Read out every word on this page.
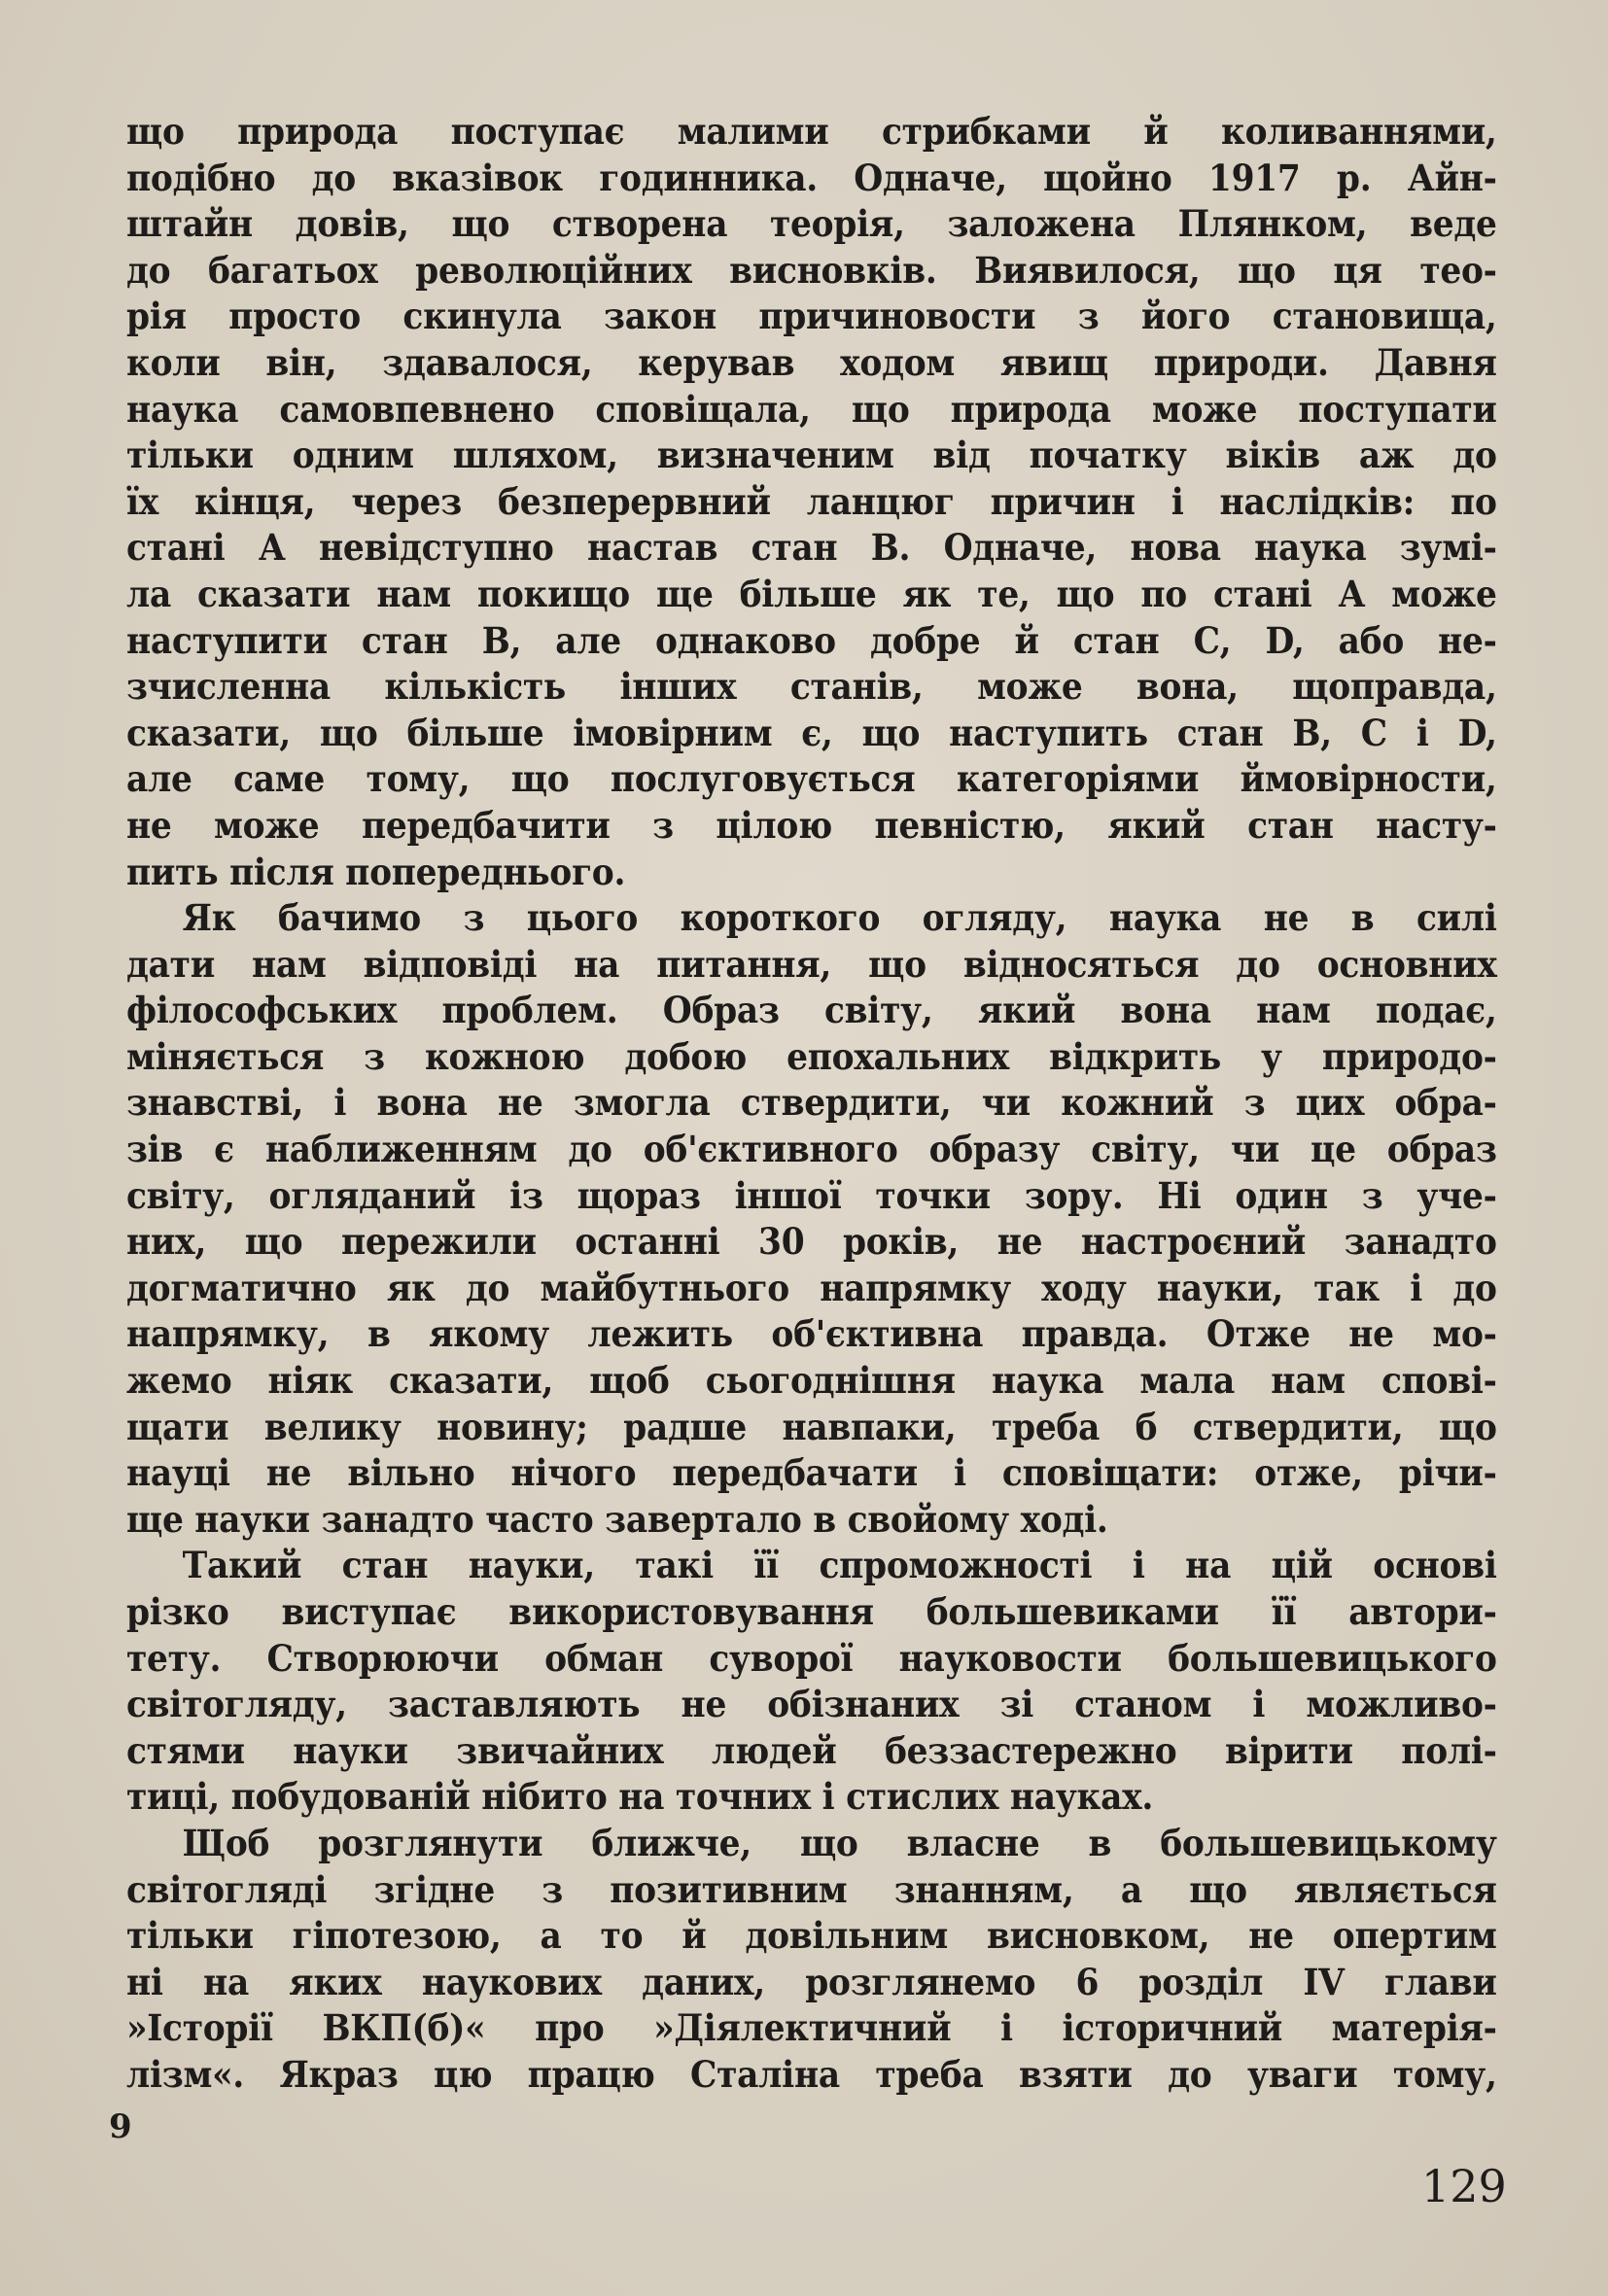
що природа поступає малими стрибками й коливаннями,
подібно до вказівок годинника. Одначе, щойно 1917 р. Айн-
штайн довів, що створена теорія, заложена Плянком, веде
до багатьох революційних висновків. Виявилося, що ця тео-
рія просто скинула закон причиновости з його становища,
коли він, здавалося, керував ходом явищ природи. Давня
наука самовпевнено сповіщала, що природа може поступати
тільки одним шляхом, визначеним від початку віків аж до
їх кінця, через безперервний ланцюг причин і наслідків: по
стані А невідступно настав стан В. Одначе, нова наука зумі-
ла сказати нам покищо ще більше як те, що по стані А може
наступити стан В, але однаково добре й стан С, D, або не-
зчисленна кількість інших станів, може вона, щоправда,
сказати, що більше імовірним є, що наступить стан В, С і D,
але саме тому, що послуговується категоріями ймовірности,
не може передбачити з цілою певністю, який стан насту-
пить після попереднього.
Як бачимо з цього короткого огляду, наука не в силі
дати нам відповіді на питання, що відносяться до основних
філософських проблем. Образ світу, який вона нам подає,
міняється з кожною добою епохальних відкрить у природо-
знавстві, і вона не змогла ствердити, чи кожний з цих обра-
зів є наближенням до об'єктивного образу світу, чи це образ
світу, огляданий із щораз іншої точки зору. Ні один з уче-
них, що пережили останні 30 років, не настроєний занадто
догматично як до майбутнього напрямку ходу науки, так і до
напрямку, в якому лежить об'єктивна правда. Отже не мо-
жемо ніяк сказати, щоб сьогоднішня наука мала нам спові-
щати велику новину; радше навпаки, треба б ствердити, що
науці не вільно нічого передбачати і сповіщати: отже, річи-
ще науки занадто часто завертало в свойому ході.
Такий стан науки, такі її спроможності і на цій основі
різко виступає використовування большевиками її автори-
тету. Створюючи обман суворої науковости большевицького
світогляду, заставляють не обізнаних зі станом і можливо-
стями науки звичайних людей беззастережно вірити полі-
тиці, побудованій нібито на точних і стислих науках.
Щоб розглянути ближче, що власне в большевицькому
світогляді згідне з позитивним знанням, а що являється
тільки гіпотезою, а то й довільним висновком, не опертим
ні на яких наукових даних, розглянемо 6 розділ IV глави
»Історії ВКП(б)« про »Діялектичний і історичний матерія-
лізм«. Якраз цю працю Сталіна треба взяти до уваги тому,
9
129
